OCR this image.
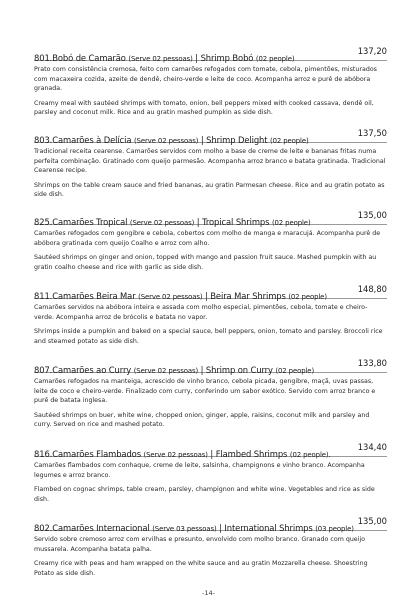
801.Bobó de Camarão (Serve 02 pessoas) | Shrimp Bobó (02 people)
137,20

Prato com consistência cremosa, feito com camarões refogados com tomate, cebola, pimentões, misturados com macaxeira cozida, azeite de dendê, cheiro-verde e leite de coco. Acompanha arroz e purê de abóbora granada.

Creamy meal with sautéed shrimps with tomato, onion, bell peppers mixed with cooked cassava, dendê oil, parsley and coconut milk. Rice and au gratin mashed pumpkin as side dish.

803.Camarões à Delícia (Serve 02 pessoas) | Shrimp Delight (02 people)
137,50

Tradicional receita cearense. Camarões servidos com molho a base de creme de leite e bananas fritas numa perfeita combinação. Gratinado com queijo parmesão. Acompanha arroz branco e batata gratinada. Tradicional Cearense recipe.

Shrimps on the table cream sauce and fried bananas, au gratin Parmesan cheese. Rice and au gratin potato as side dish.

825.Camarões Tropical (Serve 02 pessoas) | Tropical Shrimps (02 people)
135,00

Camarões refogados com gengibre e cebola, cobertos com molho de manga e maracujá. Acompanha purê de abóbora gratinada com queijo Coalho e arroz com alho.

Sautéed shrimps on ginger and onion, topped with mango and passion fruit sauce. Mashed pumpkin with au gratin coalho cheese and rice with garlic as side dish.

811.Camarões Beira Mar (Serve 02 pessoas) | Beira Mar Shrimps (02 people)
148,80

Camarões servidos na abóbora inteira e assada com molho especial, pimentões, cebola, tomate e cheiro-verde. Acompanha arroz de brócolis e batata no vapor.

Shrimps inside a pumpkin and baked on a special sauce, bell peppers, onion, tomato and parsley. Broccoli rice and steamed potato as side dish.

807.Camarões ao Curry (Serve 02 pessoas) | Shrimp on Curry (02 people)
133,80

Camarões refogados na manteiga, acrescido de vinho branco, cebola picada, gengibre, maçã, uvas passas, leite de coco e cheiro-verde. Finalizado com curry, conferindo um sabor exótico. Servido com arroz branco e purê de batata inglesa.

Sautéed shrimps on buer, white wine, chopped onion, ginger, apple, raisins, coconut milk and parsley and curry. Served on rice and mashed potato.

816.Camarões Flambados (Serve 02 pessoas) | Flambed Shrimps (02 people).
134,40

Camarões flambados com conhaque, creme de leite, salsinha, champignons e vinho branco. Acompanha legumes e arroz branco.

Flambed on cognac shrimps, table cream, parsley, champignon and white wine. Vegetables and rice as side dish.

802.Camarões Internacional (Serve 03 pessoas) | International Shrimps (03 people)
135,00

Servido sobre cremoso arroz com ervilhas e presunto, envolvido com molho branco. Granado com queijo mussarela. Acompanha batata palha.

Creamy rice with peas and ham wrapped on the white sauce and au gratin Mozzarella cheese. Shoestring Potato as side dish.

-14-
